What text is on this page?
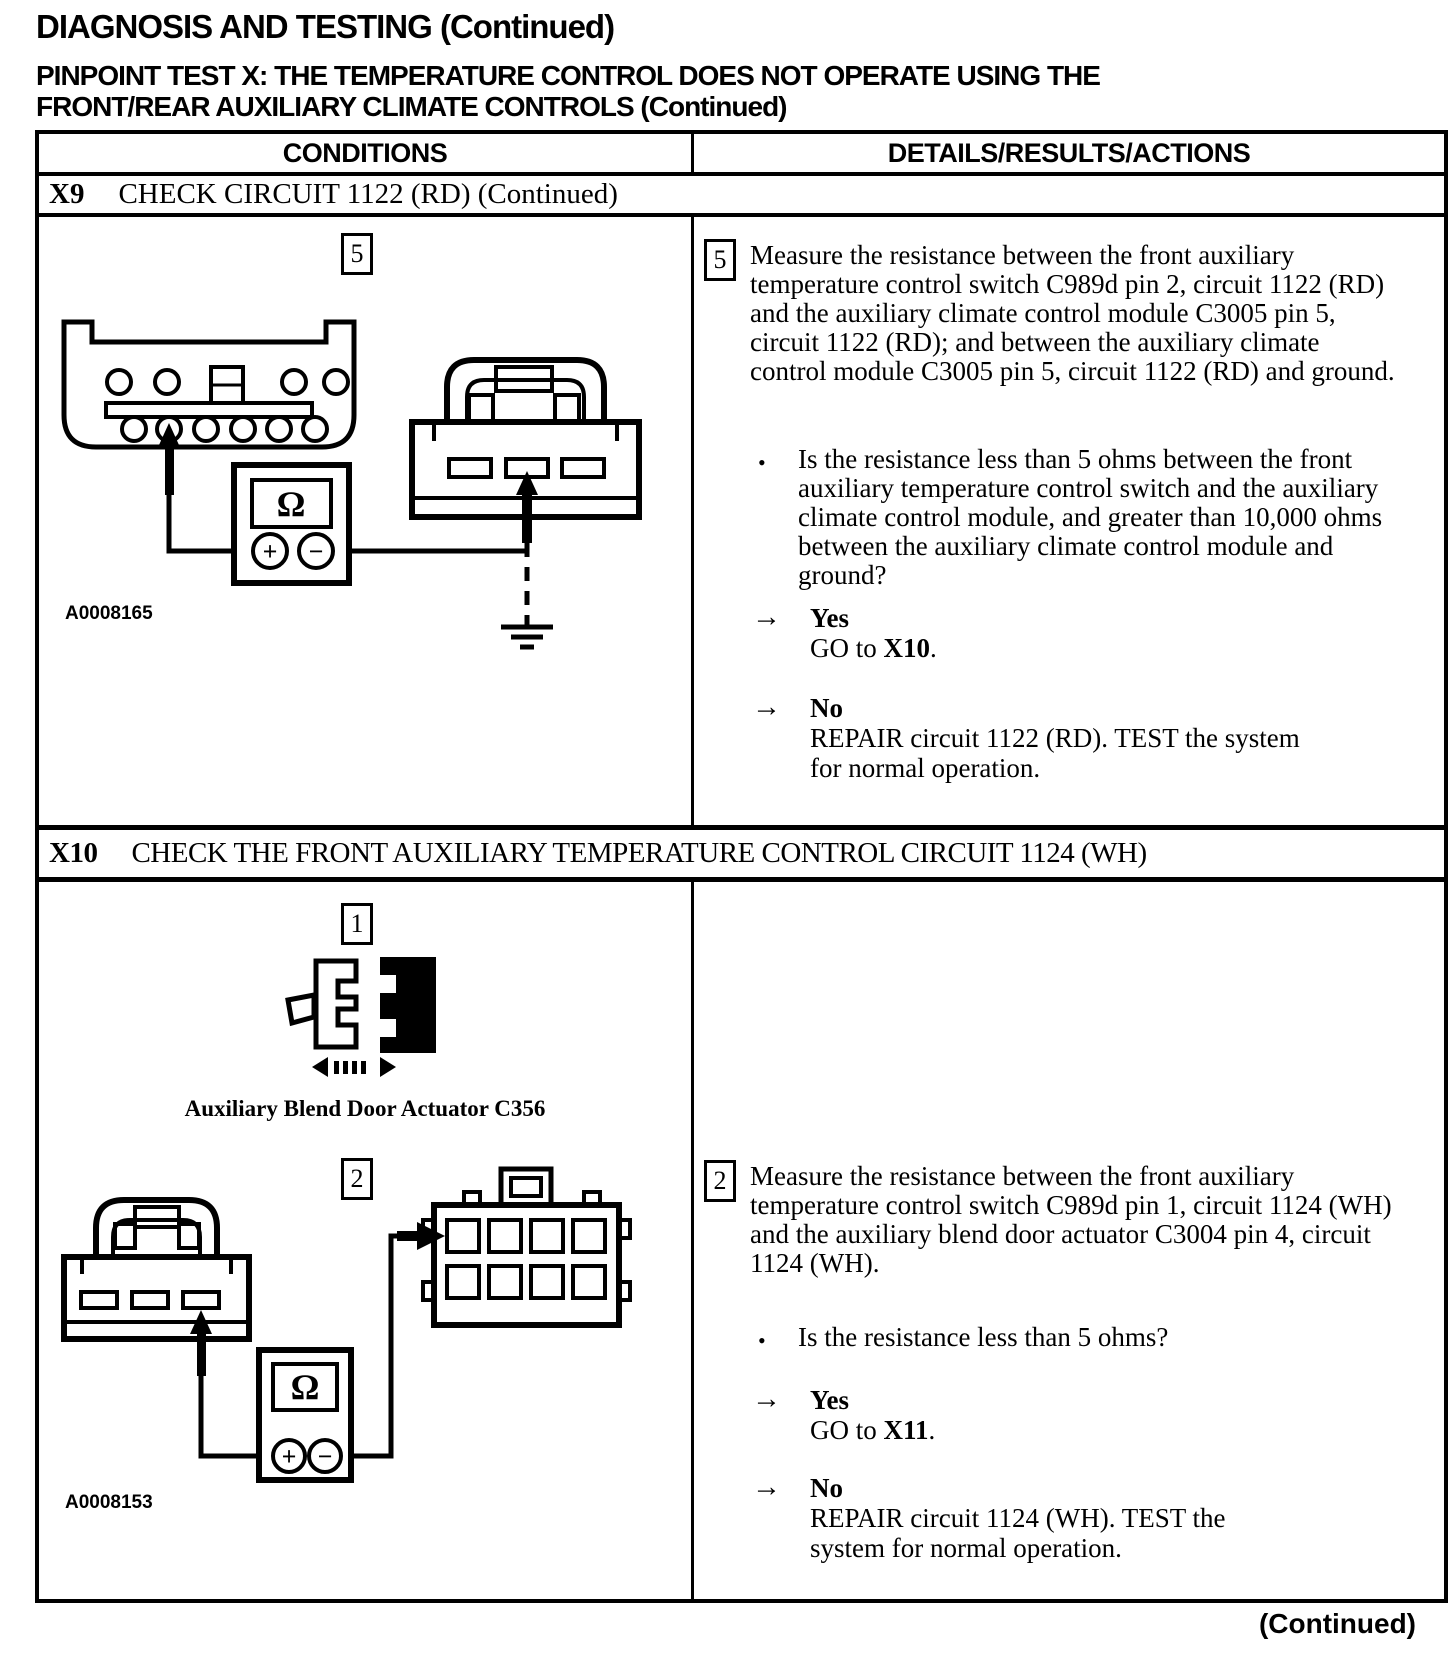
DIAGNOSIS AND TESTING (Continued)
PINPOINT TEST X: THE TEMPERATURE CONTROL DOES NOT OPERATE USING THE
FRONT/REAR AUXILIARY CLIMATE CONTROLS (Continued)
CONDITIONS	DETAILS/RESULTS/ACTIONS
X9 CHECK CIRCUIT 1122 (RD) (Continued)
5
Ω
+ −
A0008165
5 Measure the resistance between the front auxiliary temperature control switch C989d pin 2, circuit 1122 (RD) and the auxiliary climate control module C3005 pin 5, circuit 1122 (RD); and between the auxiliary climate control module C3005 pin 5, circuit 1122 (RD) and ground.
• Is the resistance less than 5 ohms between the front auxiliary temperature control switch and the auxiliary climate control module, and greater than 10,000 ohms between the auxiliary climate control module and ground?
→ Yes
GO to X10.
→ No
REPAIR circuit 1122 (RD). TEST the system
for normal operation.
X10 CHECK THE FRONT AUXILIARY TEMPERATURE CONTROL CIRCUIT 1124 (WH)
1
Auxiliary Blend Door Actuator C356
2
Ω
+ −
A0008153
2 Measure the resistance between the front auxiliary temperature control switch C989d pin 1, circuit 1124 (WH) and the auxiliary blend door actuator C3004 pin 4, circuit 1124 (WH).
• Is the resistance less than 5 ohms?
→ Yes
GO to X11.
→ No
REPAIR circuit 1124 (WH). TEST the
system for normal operation.
(Continued)
